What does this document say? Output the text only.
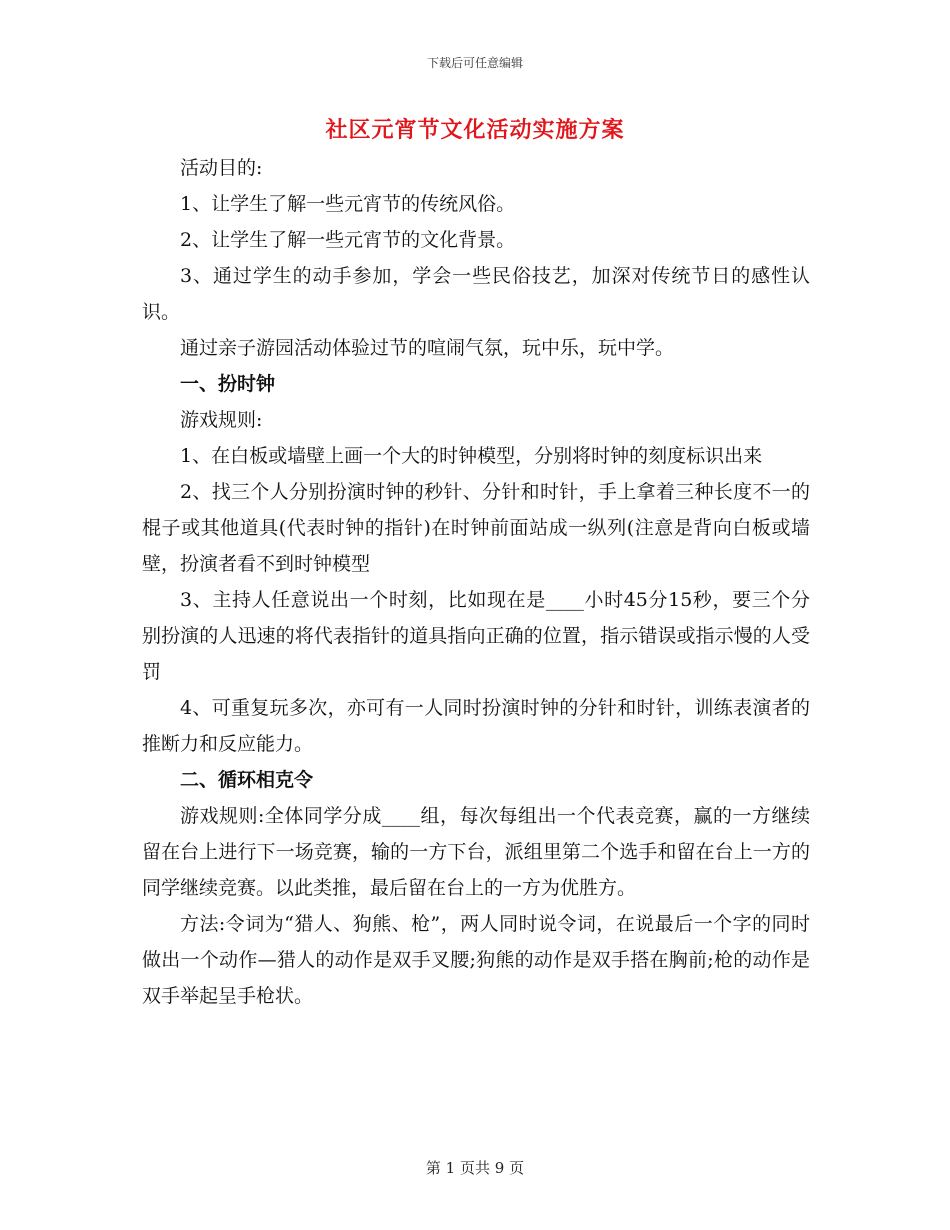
下载后可任意编辑
社区元宵节文化活动实施方案

活动目的:

1、让学生了解一些元宵节的传统风俗。

2、让学生了解一些元宵节的文化背景。

3、通过学生的动手参加，学会一些民俗技艺，加深对传统节日的感性认识。

通过亲子游园活动体验过节的喧闹气氛，玩中乐，玩中学。

一、扮时钟

游戏规则:

1、在白板或墙壁上画一个大的时钟模型，分别将时钟的刻度标识出来

2、找三个人分别扮演时钟的秒针、分针和时针，手上拿着三种长度不一的棍子或其他道具(代表时钟的指针)在时钟前面站成一纵列(注意是背向白板或墙壁，扮演者看不到时钟模型

3、主持人任意说出一个时刻，比如现在是____小时45分15秒，要三个分别扮演的人迅速的将代表指针的道具指向正确的位置，指示错误或指示慢的人受罚

4、可重复玩多次，亦可有一人同时扮演时钟的分针和时针，训练表演者的推断力和反应能力。

二、循环相克令

游戏规则:全体同学分成____组，每次每组出一个代表竞赛，赢的一方继续留在台上进行下一场竞赛，输的一方下台，派组里第二个选手和留在台上一方的同学继续竞赛。以此类推，最后留在台上的一方为优胜方。

方法:令词为“猎人、狗熊、枪”，两人同时说令词，在说最后一个字的同时做出一个动作—猎人的动作是双手叉腰;狗熊的动作是双手搭在胸前;枪的动作是双手举起呈手枪状。

第 1 页共 9 页
